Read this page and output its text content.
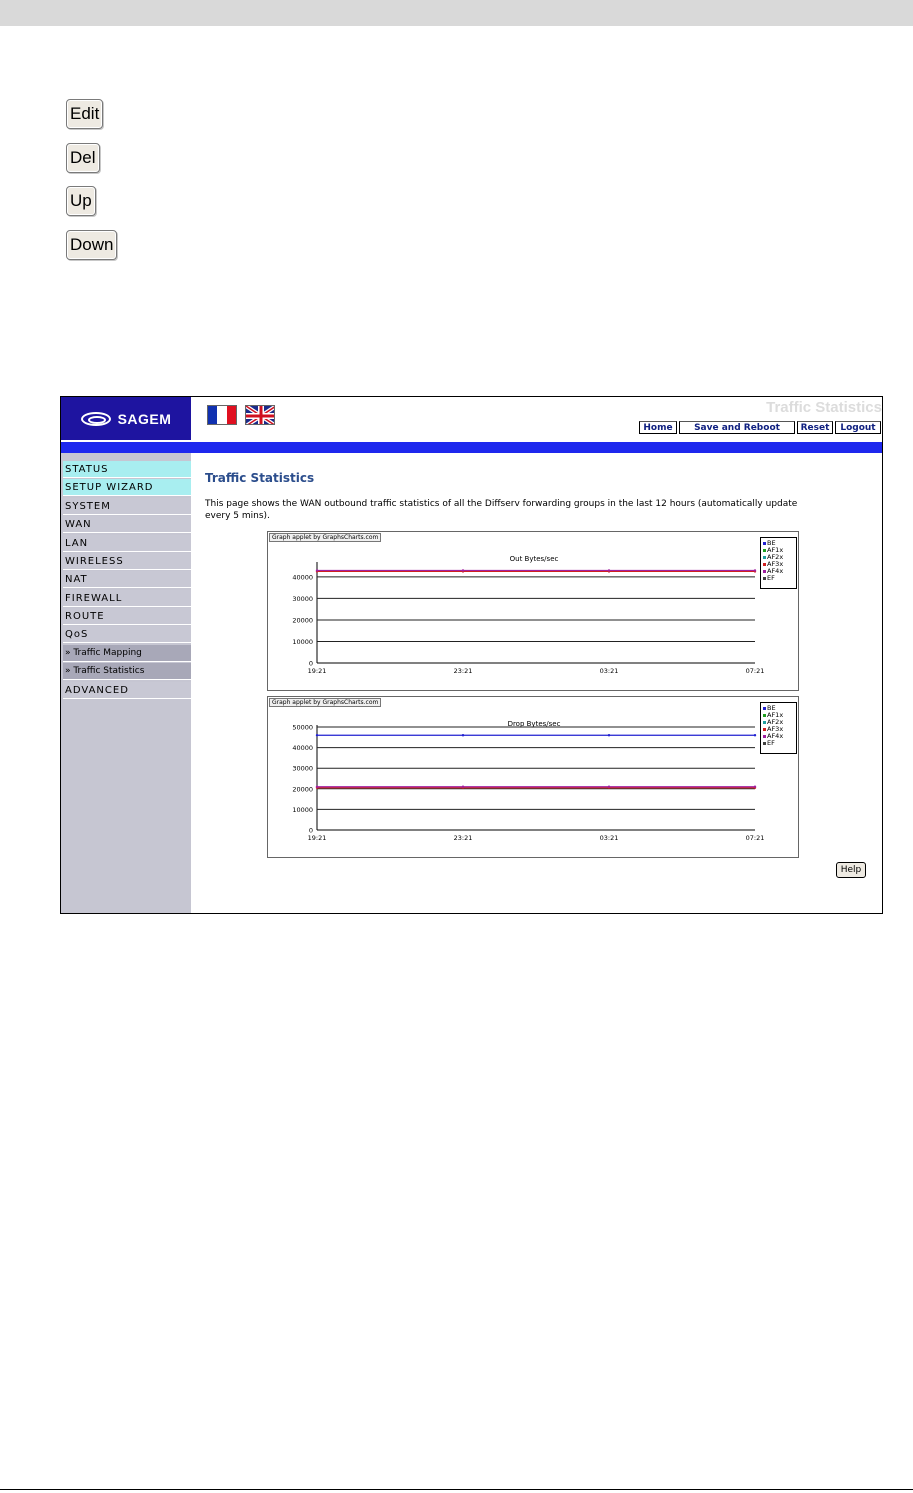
Edit
Del
Up
Down
SAGEM
Traffic Statistics
Home	Save and Reboot	Reset	Logout
STATUS
SETUP WIZARD
SYSTEM
WAN
LAN
WIRELESS
NAT
FIREWALL
ROUTE
QoS
» Traffic Mapping
» Traffic Statistics
ADVANCED
Traffic Statistics
This page shows the WAN outbound traffic statistics of all the Diffserv forwarding groups in the last 12 hours (automatically update every 5 mins).
0
10000
20000
30000
40000
19:21	23:21	03:21	07:21
Graph applet by GraphsCharts.com
Out Bytes/sec
BE
AF1x
AF2x
AF3x
AF4x
EF
0
10000
20000
30000
40000
50000
19:21	23:21	03:21	07:21
Graph applet by GraphsCharts.com
Drop Bytes/sec
BE
AF1x
AF2x
AF3x
AF4x
EF
Help
